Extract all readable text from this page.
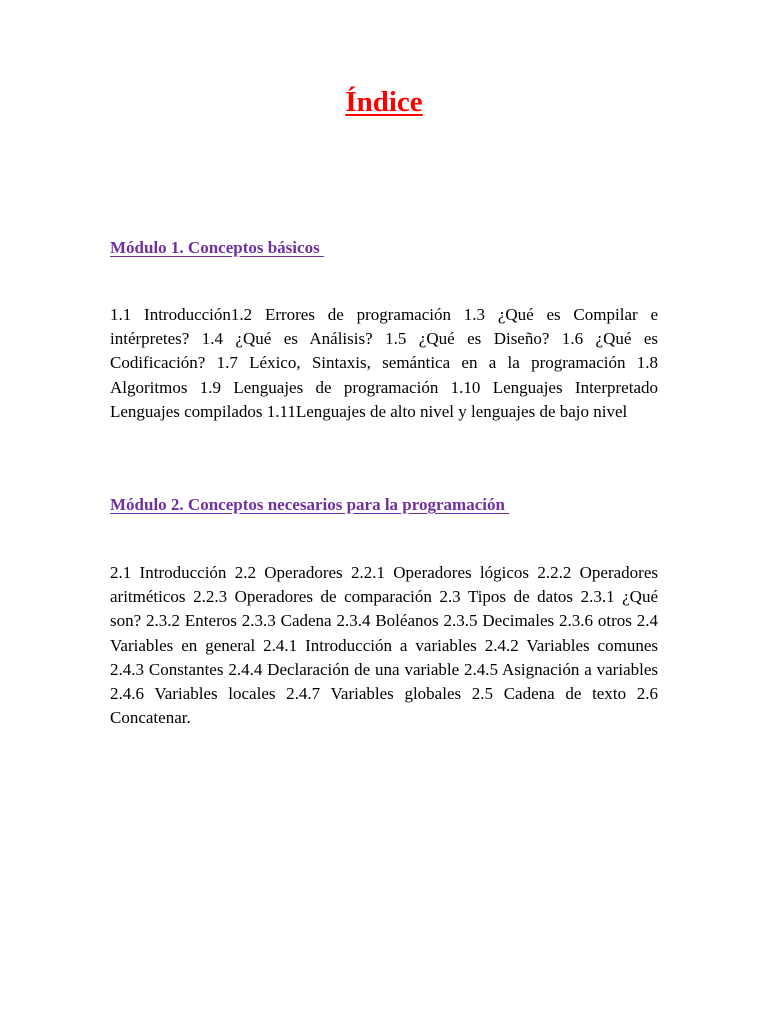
Índice
Módulo 1. Conceptos básicos

1.1 Introducción1.2 Errores de programación 1.3 ¿Qué es Compilar e intérpretes? 1.4 ¿Qué es Análisis? 1.5 ¿Qué es Diseño? 1.6 ¿Qué es Codificación? 1.7 Léxico, Sintaxis, semántica en a la programación 1.8 Algoritmos 1.9 Lenguajes de programación 1.10 Lenguajes Interpretado Lenguajes compilados 1.11Lenguajes de alto nivel y lenguajes de bajo nivel

Módulo 2. Conceptos necesarios para la programación

2.1 Introducción 2.2 Operadores 2.2.1 Operadores lógicos 2.2.2 Operadores aritméticos 2.2.3 Operadores de comparación 2.3 Tipos de datos 2.3.1 ¿Qué son? 2.3.2 Enteros 2.3.3 Cadena 2.3.4 Boléanos 2.3.5 Decimales 2.3.6 otros 2.4 Variables en general 2.4.1 Introducción a variables 2.4.2 Variables comunes 2.4.3 Constantes 2.4.4 Declaración de una variable 2.4.5 Asignación a variables 2.4.6 Variables locales 2.4.7 Variables globales 2.5 Cadena de texto 2.6 Concatenar.
